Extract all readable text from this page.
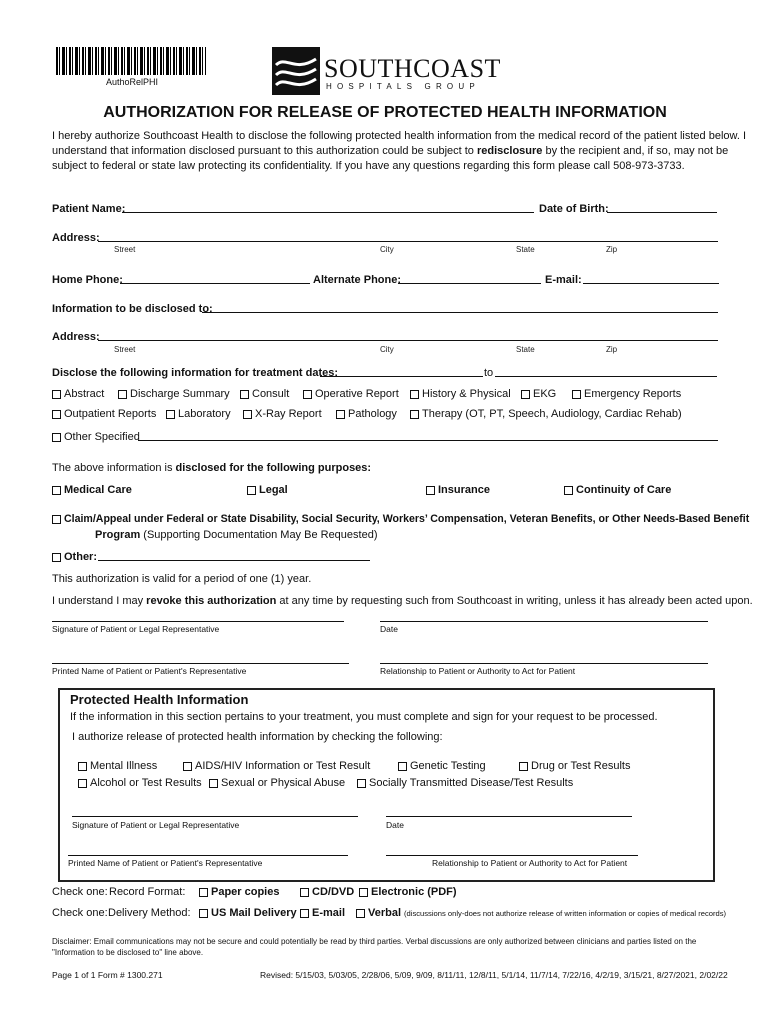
AuthoRelPHI	SOUTHCOAST
HOSPITALS GROUP
AUTHORIZATION FOR RELEASE OF PROTECTED HEALTH INFORMATION
I hereby authorize Southcoast Health to disclose the following protected health information from the medical record of the patient listed below. I understand that information disclosed pursuant to this authorization could be subject to redisclosure by the recipient and, if so, may not be subject to federal or state law protecting its confidentiality. If you have any questions regarding this form please call 508-973-3733.
Patient Name:	Date of Birth:
Address:
Street	City	State	Zip
Home Phone:	Alternate Phone:	E-mail:
Information to be disclosed to:
Address:
Street	City	State	Zip
Disclose the following information for treatment dates:	to
Abstract Discharge Summary Consult Operative Report History & Physical EKG	Emergency Reports
Outpatient Reports Laboratory X-Ray Report Pathology Therapy (OT, PT, Speech, Audiology, Cardiac Rehab)
Other Specified
The above information is disclosed for the following purposes:
Medical Care	Legal	Insurance	Continuity of Care
Claim/Appeal under Federal or State Disability, Social Security, Workers’ Compensation, Veteran Benefits, or Other Needs-Based Benefit
Program (Supporting Documentation May Be Requested)
Other:
This authorization is valid for a period of one (1) year.
I understand I may revoke this authorization at any time by requesting such from Southcoast in writing, unless it has already been acted upon.
Signature of Patient or Legal Representative	Date
Printed Name of Patient or Patient's Representative	Relationship to Patient or Authority to Act for Patient
Protected Health Information
If the information in this section pertains to your treatment, you must complete and sign for your request to be processed.
I authorize release of protected health information by checking the following:
Mental Illness	AIDS/HIV Information or Test Result	Genetic Testing	Drug or Test Results
Alcohol or Test Results Sexual or Physical Abuse Socially Transmitted Disease/Test Results
Signature of Patient or Legal Representative	Date
Printed Name of Patient or Patient's Representative	Relationship to Patient or Authority to Act for Patient
Check one: Record Format: Paper copies	CD/DVD Electronic (PDF)
Check one: Delivery Method: US Mail Delivery E-mail Verbal (discussions only-does not authorize release of written information or copies of medical records)
Disclaimer: Email communications may not be secure and could potentially be read by third parties. Verbal discussions are only authorized between clinicians and parties listed on the "Information to be disclosed to" line above.
Page 1 of 1 Form # 1300.271	Revised: 5/15/03, 5/03/05, 2/28/06, 5/09, 9/09, 8/11/11, 12/8/11, 5/1/14, 11/7/14, 7/22/16, 4/2/19, 3/15/21, 8/27/2021, 2/02/22
